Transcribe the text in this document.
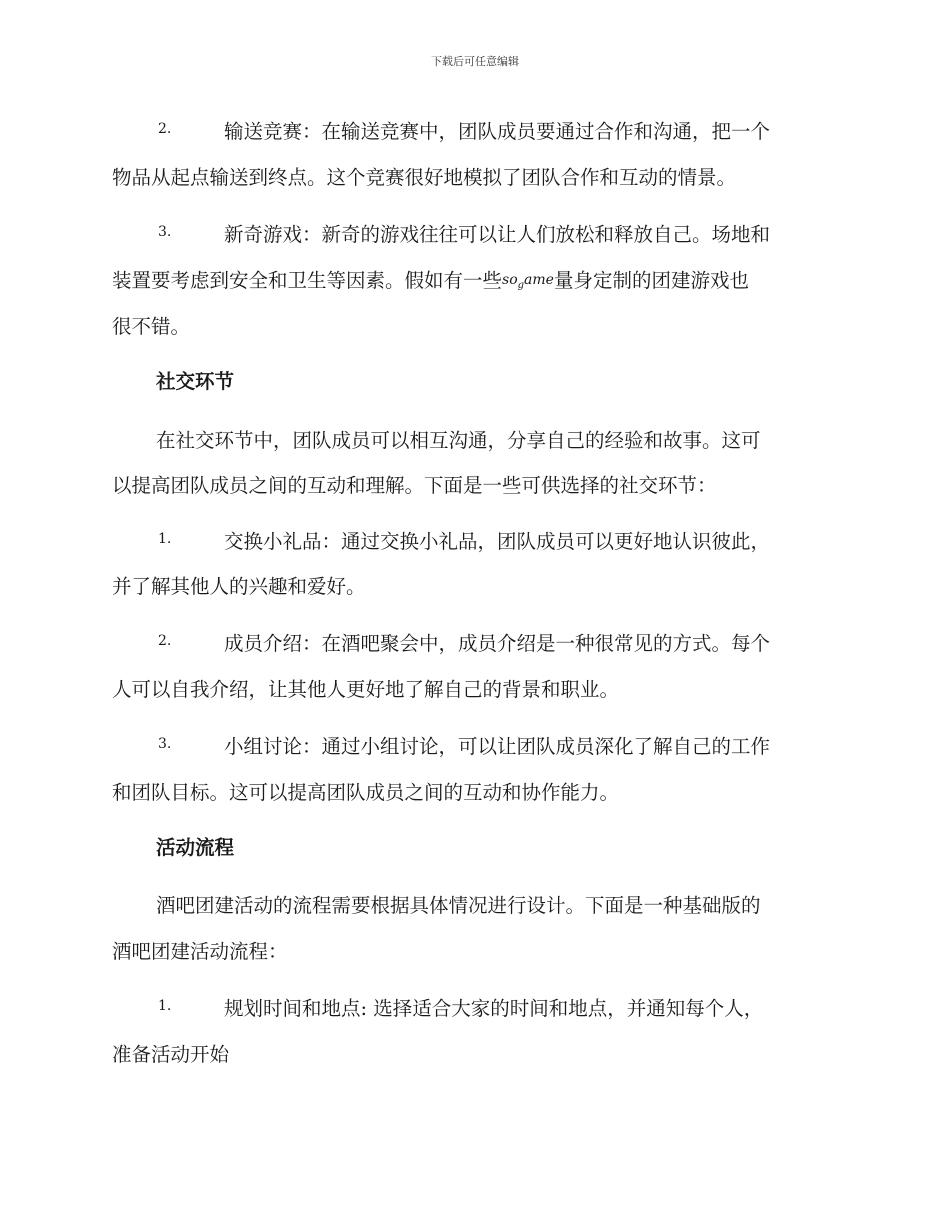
下载后可任意编辑
2.	输送竞赛：在输送竞赛中，团队成员要通过合作和沟通，把一个
物品从起点输送到终点。这个竞赛很好地模拟了团队合作和互动的情景。
3.	新奇游戏：新奇的游戏往往可以让人们放松和释放自己。场地和
装置要考虑到安全和卫生等因素。假如有一些sogame量身定制的团建游戏也
很不错。
社交环节
在社交环节中，团队成员可以相互沟通，分享自己的经验和故事。这可
以提高团队成员之间的互动和理解。下面是一些可供选择的社交环节：
1.	交换小礼品：通过交换小礼品，团队成员可以更好地认识彼此，
并了解其他人的兴趣和爱好。
2.	成员介绍：在酒吧聚会中，成员介绍是一种很常见的方式。每个
人可以自我介绍，让其他人更好地了解自己的背景和职业。
3.	小组讨论：通过小组讨论，可以让团队成员深化了解自己的工作
和团队目标。这可以提高团队成员之间的互动和协作能力。
活动流程
酒吧团建活动的流程需要根据具体情况进行设计。下面是一种基础版的
酒吧团建活动流程：
1.	规划时间和地点: 选择适合大家的时间和地点，并通知每个人，
准备活动开始
